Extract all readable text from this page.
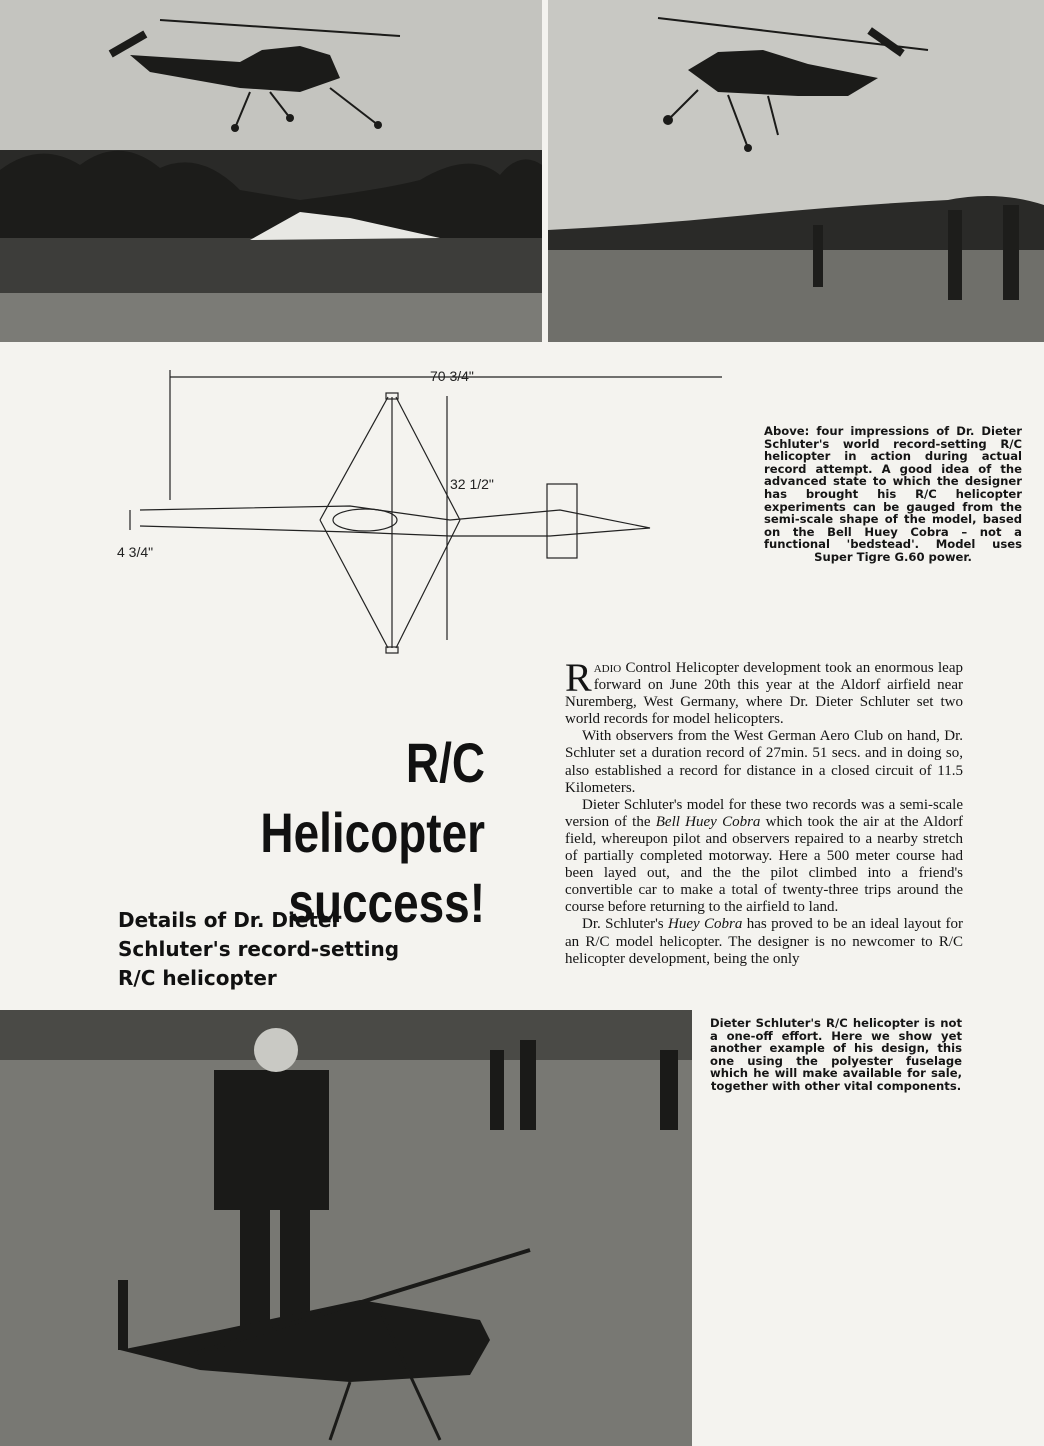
70 3/4"
32 1/2"
4 3/4"
Above: four impressions of Dr. Dieter Schluter's world record-setting R/C helicopter in action during actual record attempt. A good idea of the advanced state to which the designer has brought his R/C helicopter experiments can be gauged from the semi-scale shape of the model, based on the Bell Huey Cobra – not a functional 'bedstead'. Model uses Super Tigre G.60 power.
R/C Helicopter
success!
Details of Dr. Dieter Schluter's record-setting R/C helicopter

Radio Control Helicopter development took an enormous leap forward on June 20th this year at the Aldorf airfield near Nuremberg, West Germany, where Dr. Dieter Schluter set two world records for model helicopters.

With observers from the West German Aero Club on hand, Dr. Schluter set a duration record of 27min. 51 secs. and in doing so, also established a record for distance in a closed circuit of 11.5 Kilometers.

Dieter Schluter's model for these two records was a semi-scale version of the Bell Huey Cobra which took the air at the Aldorf field, whereupon pilot and observers repaired to a nearby stretch of partially completed motorway. Here a 500 meter course had been layed out, and the the pilot climbed into a friend's convertible car to make a total of twenty-three trips around the course before returning to the airfield to land.

Dr. Schluter's Huey Cobra has proved to be an ideal layout for an R/C model helicopter. The designer is no newcomer to R/C helicopter development, being the only

Dieter Schluter's R/C helicopter is not a one-off effort. Here we show yet another example of his design, this one using the polyester fuselage which he will make available for sale, together with other vital components.
